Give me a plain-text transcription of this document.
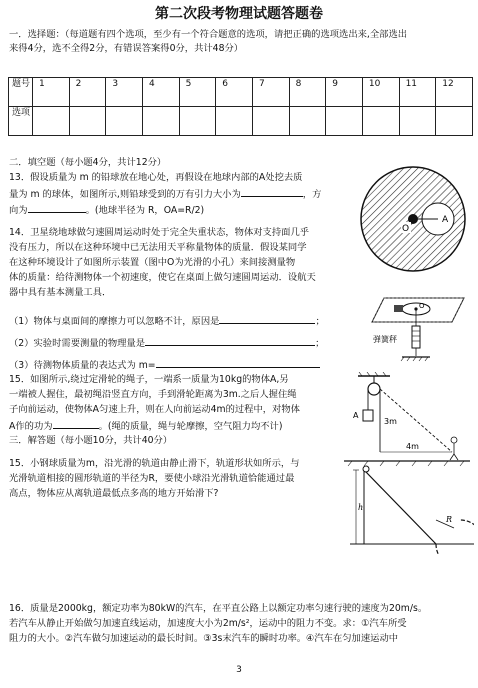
第二次段考物理试题答题卷
一．选择题：（每道题有四个选项，至少有一个符合题意的选项，请把正确的选项选出来,全部选出
来得4分，选不全得2分，有错误答案得0分，共计48分）
题号	1	2	3	4	5	6	7	8	9	10	11	12
选项												
二．填空题（每小题4分，共计12分）
13．假设质量为 m 的铅球放在地心处，再假设在地球内部的A处挖去质
量为 m 的球体，如图所示,则铅球受到的万有引力大小为	，方
向为	。(地球半径为 R，OA=R/2)
14．卫星绕地球做匀速圆周运动时处于完全失重状态，物体对支持面几乎
没有压力，所以在这种环境中已无法用天平称量物体的质量．假设某同学
在这种环境设计了如图所示装置（图中O为光滑的小孔）来间接测量物
体的质量：给待测物体一个初速度，使它在桌面上做匀速圆周运动．设航天
器中具有基本测量工具．
（1）物体与桌面间的摩擦力可以忽略不计，原因是	；
（2）实验时需要测量的物理量是	；
（3）待测物体质量的表达式为 m=
15．如图所示,绕过定滑轮的绳子，一端系一质量为10kg的物体A,另
一端被人握住，最初绳沿竖直方向，手到滑轮距离为3m.之后人握住绳
子向前运动，使物体A匀速上升，则在人向前运动4m的过程中，对物体
A作的功为	。(绳的质量，绳与轮摩擦，空气阻力均不计)
三．解答题（每小题10分，共计40分）
15．小钢球质量为m，沿光滑的轨道由静止滑下，轨道形状如所示，与
光滑轨道相接的圆形轨道的半径为R，要使小球沿光滑轨道恰能通过最
高点，物体应从离轨道最低点多高的地方开始滑下?
16．质量是2000kg，额定功率为80kW的汽车，在平直公路上以额定功率匀速行驶的速度为20m/s。
若汽车从静止开始做匀加速直线运动，加速度大小为2m/s²，运动中的阻力不变。求：①汽车所受
阻力的大小。②汽车做匀加速运动的最长时间。③3s末汽车的瞬时功率。④汽车在匀加速运动中
3
O
A
O
弹簧秤
A
3m
4m
h
R
